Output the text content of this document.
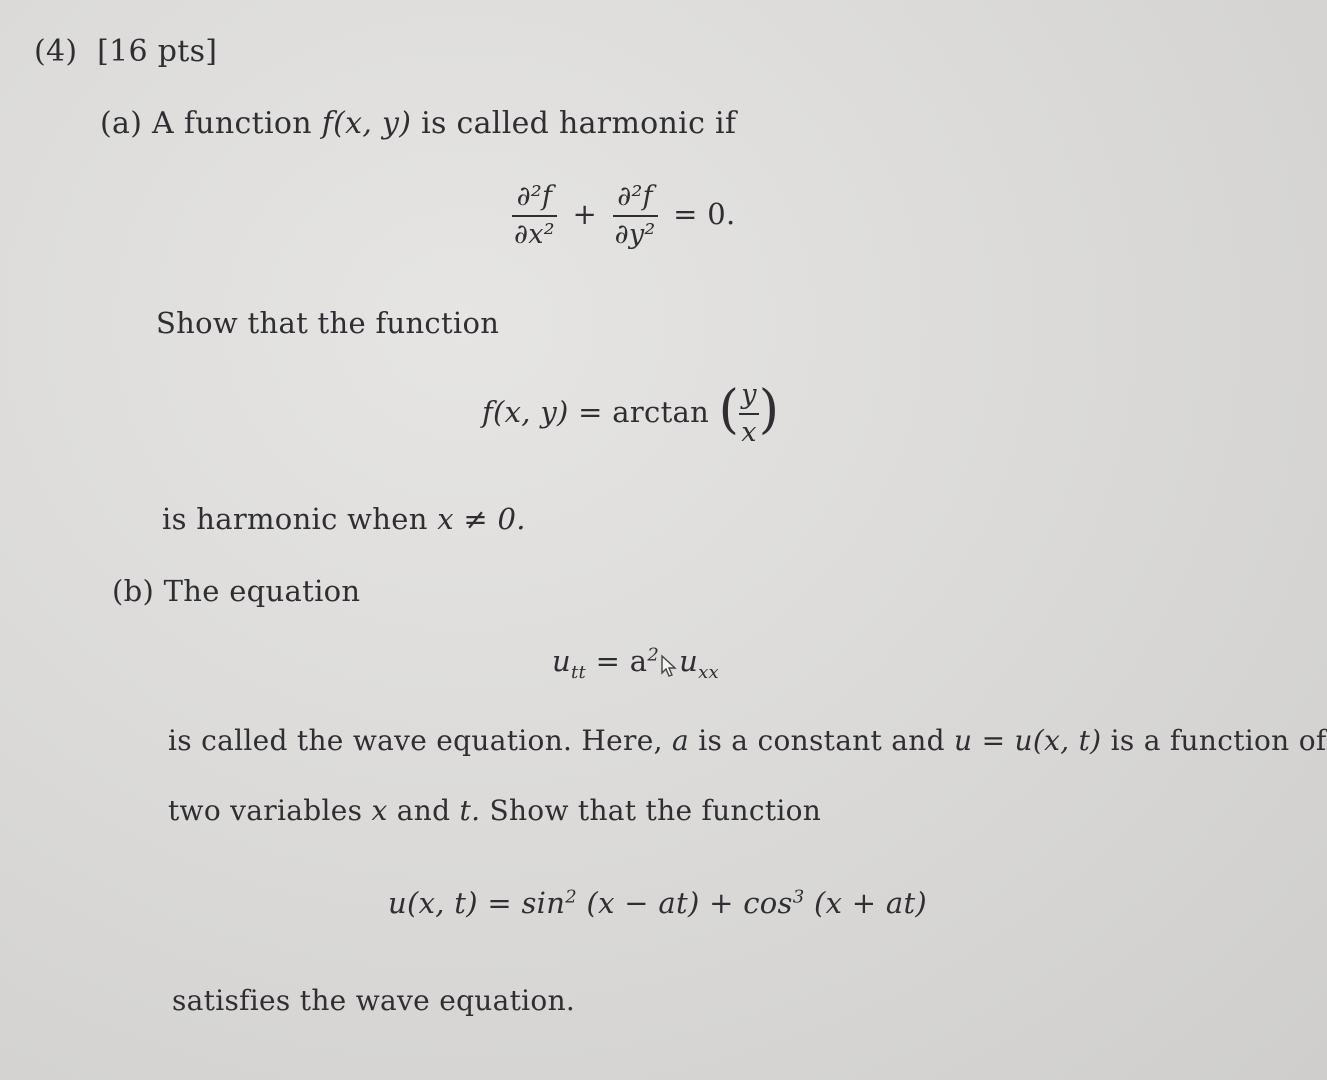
(4) [16 pts]
(a) A function f(x, y) is called harmonic if
$\frac{\text{∂²f}}{\text{∂x²}} + \frac{\text{∂²f}}{\text{∂y²}} = 0$.
Show that the function
f(x, y) = arctan ( $\frac{y}{x}$ )
is harmonic when x ≠ 0.
(b) The equation
$u_{tt} = a^2$ $u_{xx}$
is called the wave equation. Here, a is a constant and u = u(x, t) is a function of
two variables x and t. Show that the function
u(x, $t) = \sin^2 (x - at) + \cos^3 (x + at)$
satisfies the wave equation.
